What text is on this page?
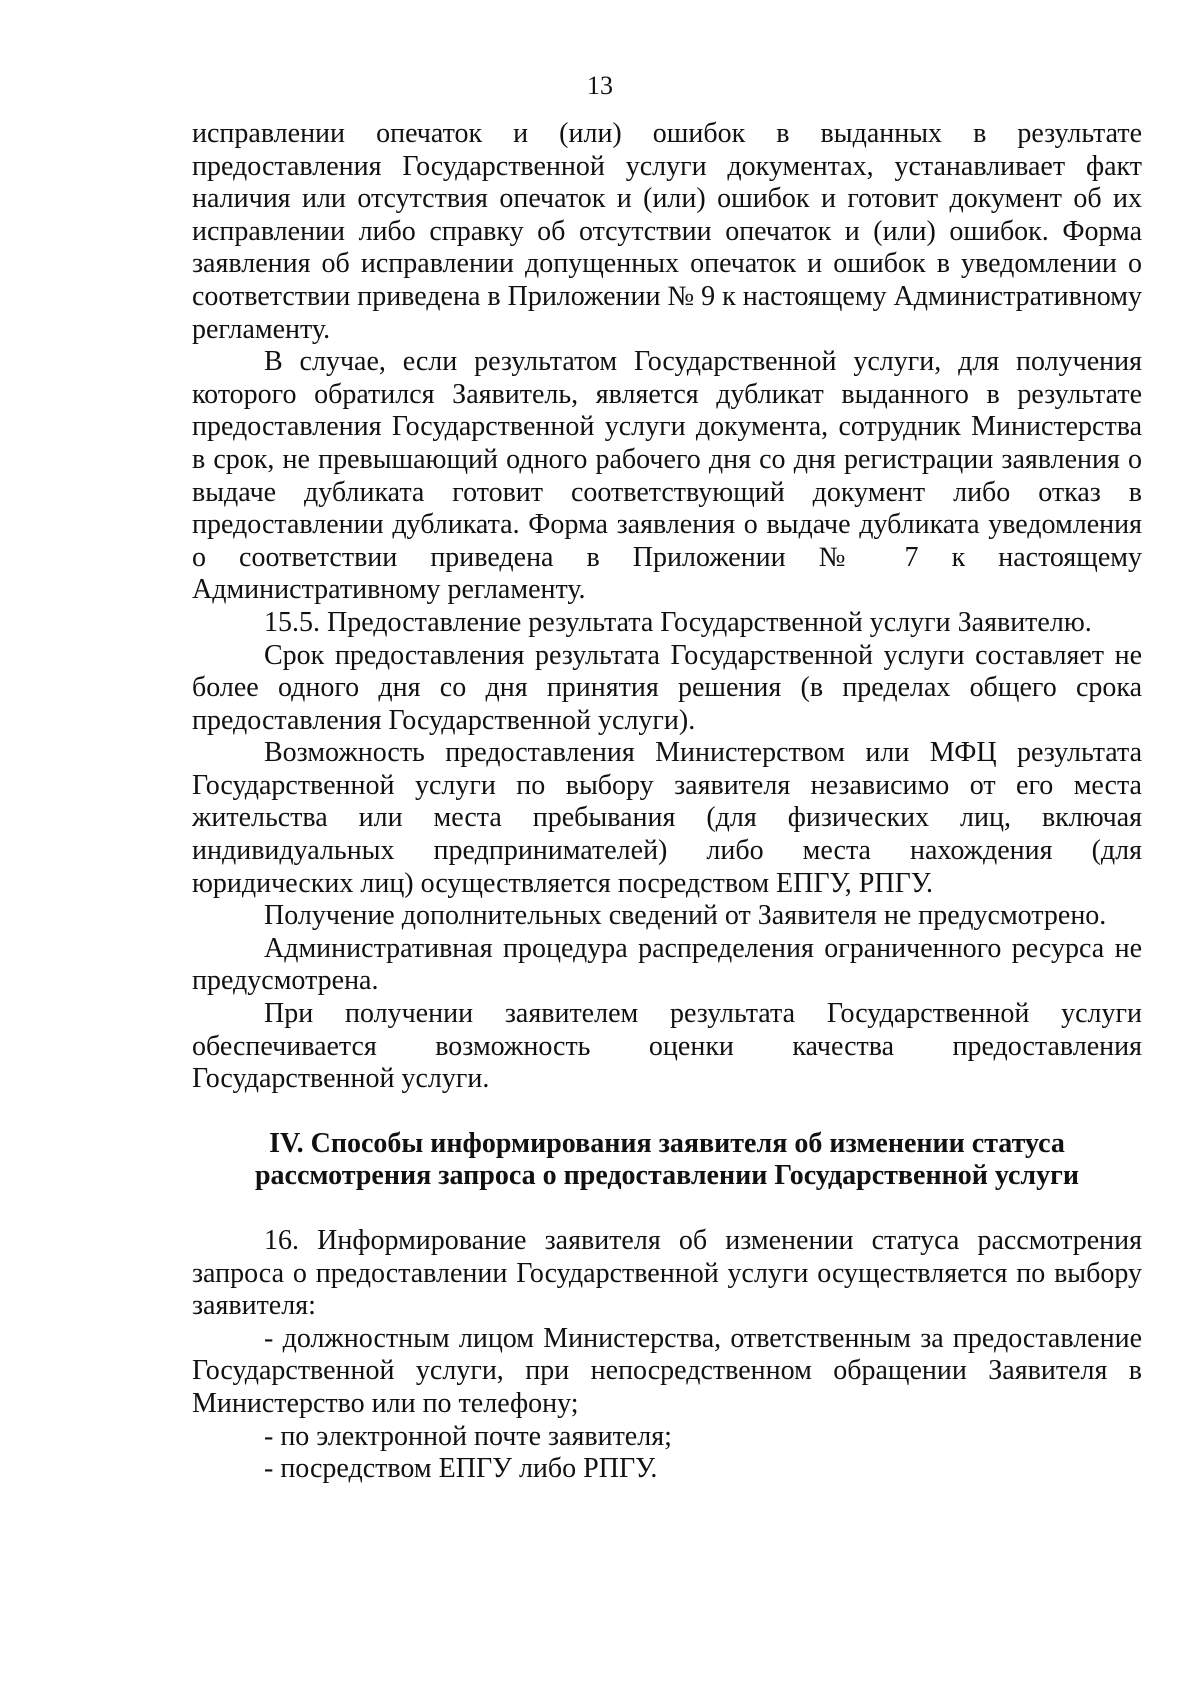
13

исправлении опечаток и (или) ошибок в выданных в результате предоставления Государственной услуги документах, устанавливает факт наличия или отсутствия опечаток и (или) ошибок и готовит документ об их исправлении либо справку об отсутствии опечаток и (или) ошибок. Форма заявления об исправлении допущенных опечаток и ошибок в уведомлении о соответствии приведена в Приложении № 9 к настоящему Административному регламенту.

В случае, если результатом Государственной услуги, для получения которого обратился Заявитель, является дубликат выданного в результате предоставления Государственной услуги документа, сотрудник Министерства в срок, не превышающий одного рабочего дня со дня регистрации заявления о выдаче дубликата готовит соответствующий документ либо отказ в предоставлении дубликата. Форма заявления о выдаче дубликата уведомления о соответствии приведена в Приложении № 7 к настоящему Административному регламенту.

15.5. Предоставление результата Государственной услуги Заявителю.

Срок предоставления результата Государственной услуги составляет не более одного дня со дня принятия решения (в пределах общего срока предоставления Государственной услуги).

Возможность предоставления Министерством или МФЦ результата Государственной услуги по выбору заявителя независимо от его места жительства или места пребывания (для физических лиц, включая индивидуальных предпринимателей) либо места нахождения (для юридических лиц) осуществляется посредством ЕПГУ, РПГУ.

Получение дополнительных сведений от Заявителя не предусмотрено.

Административная процедура распределения ограниченного ресурса не предусмотрена.

При получении заявителем результата Государственной услуги обеспечивается возможность оценки качества предоставления Государственной услуги.

IV. Способы информирования заявителя об изменении статуса
рассмотрения запроса о предоставлении Государственной услуги

16. Информирование заявителя об изменении статуса рассмотрения запроса о предоставлении Государственной услуги осуществляется по выбору заявителя:

- должностным лицом Министерства, ответственным за предоставление Государственной услуги, при непосредственном обращении Заявителя в Министерство или по телефону;

- по электронной почте заявителя;

- посредством ЕПГУ либо РПГУ.
